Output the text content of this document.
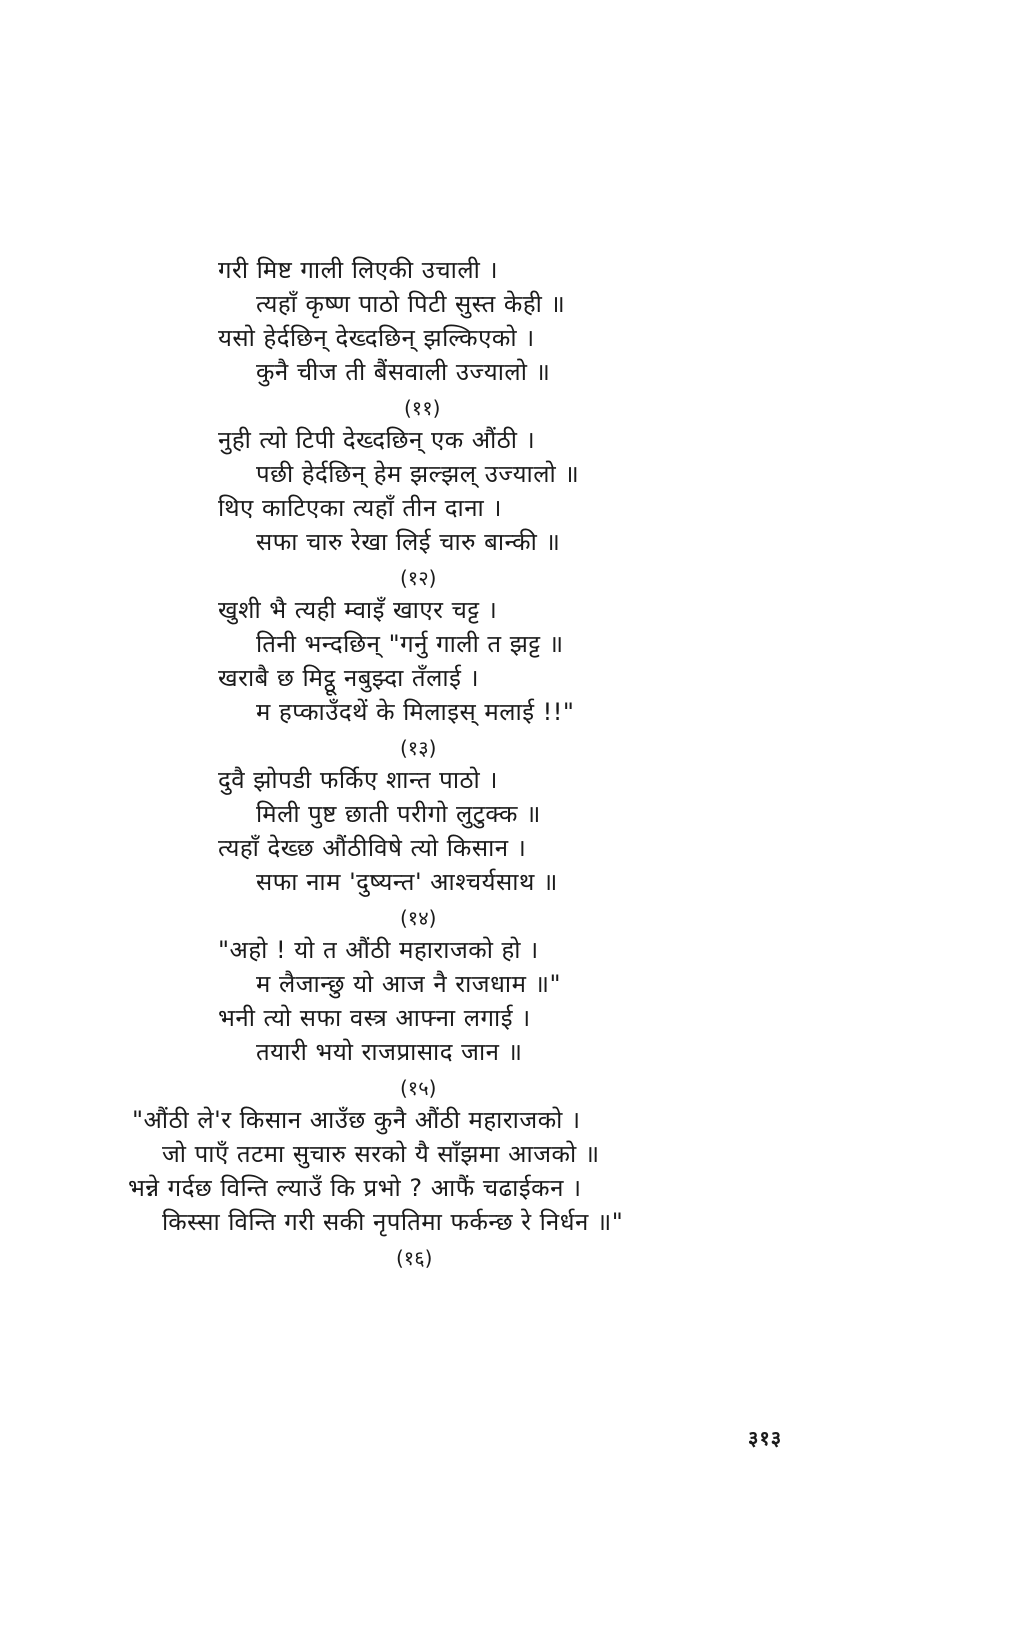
गरी मिष्ट गाली लिएकी उचाली ।
त्यहाँ कृष्ण पाठो पिटी सुस्त केही ॥
यसो हेर्दछिन् देख्दछिन् झल्किएको ।
कुनै चीज ती बैंसवाली उज्यालो ॥
(११)
नुही त्यो टिपी देख्दछिन् एक औंठी ।
पछी हेर्दछिन् हेम झल्झल् उज्यालो ॥
थिए काटिएका त्यहाँ तीन दाना ।
सफा चारु रेखा लिई चारु बान्की ॥
(१२)
खुशी भै त्यही म्वाइँ खाएर चट्ट ।
तिनी भन्दछिन् "गर्नु गाली त झट्ट ॥
खराबै छ मिट्ठू नबुझ्दा तँलाई ।
म हप्काउँदथें के मिलाइस् मलाई !!"
(१३)
दुवै झोपडी फर्किए शान्त पाठो ।
मिली पुष्ट छाती परीगो लुटुक्क ॥
त्यहाँ देख्छ औंठीविषे त्यो किसान ।
सफा नाम 'दुष्यन्त' आश्चर्यसाथ ॥
(१४)
"अहो ! यो त औंठी महाराजको हो ।
म लैजान्छु यो आज नै राजधाम ॥"
भनी त्यो सफा वस्त्र आफ्ना लगाई ।
तयारी भयो राजप्रासाद जान ॥
(१५)
"औंठी ले'र किसान आउँछ कुनै औंठी महाराजको ।
जो पाएँ तटमा सुचारु सरको यै साँझमा आजको ॥
भन्ने गर्दछ विन्ति ल्याउँ कि प्रभो ? आफैं चढाईकन ।
किस्सा विन्ति गरी सकी नृपतिमा फर्कन्छ रे निर्धन ॥"
(१६)
३१३
